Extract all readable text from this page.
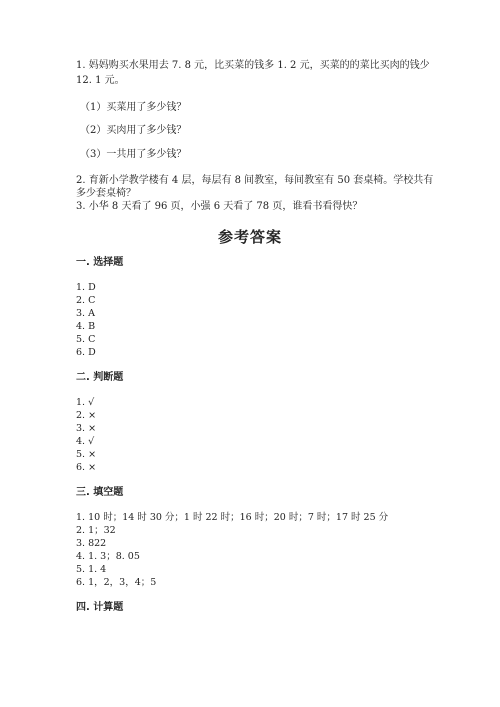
1. 妈妈购买水果用去 7. 8 元，比买菜的钱多 1. 2 元，买菜的的菜比买肉的钱少
12. 1 元。
（1）买菜用了多少钱？
（2）买肉用了多少钱？
（3）一共用了多少钱？
2. 育新小学教学楼有 4 层，每层有 8 间教室，每间教室有 50 套桌椅。学校共有
多少套桌椅？
3. 小华 8 天看了 96 页，小强 6 天看了 78 页，谁看书看得快？
参考答案
一. 选择题
1. D
2. C
3. A
4. B
5. C
6. D
二. 判断题
1. √
2. ×
3. ×
4. √
5. ×
6. ×
三. 填空题
1. 10 时；14 时 30 分；1 时 22 时；16 时；20 时；7 时；17 时 25 分
2. 1；32
3. 822
4. 1. 3；8. 05
5. 1. 4
6. 1，2，3，4；5
四. 计算题
